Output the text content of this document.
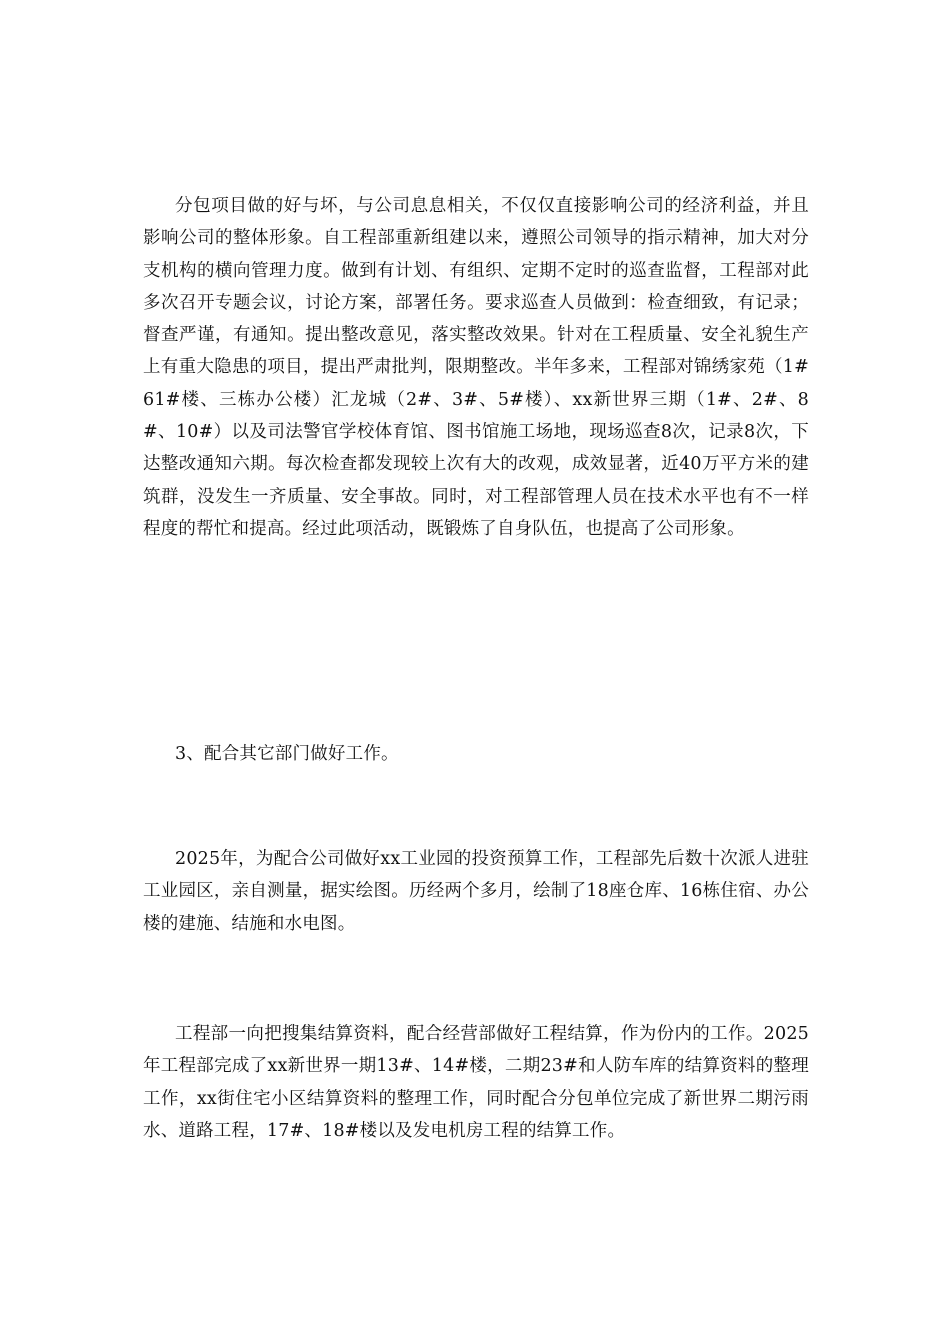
分包项目做的好与坏，与公司息息相关，不仅仅直接影响公司的经济利益，并且影响公司的整体形象。自工程部重新组建以来，遵照公司领导的指示精神，加大对分支机构的横向管理力度。做到有计划、有组织、定期不定时的巡查监督，工程部对此多次召开专题会议，讨论方案，部署任务。要求巡查人员做到：检查细致，有记录；督查严谨，有通知。提出整改意见，落实整改效果。针对在工程质量、安全礼貌生产上有重大隐患的项目，提出严肃批判，限期整改。半年多来，工程部对锦绣家苑（1# 61#楼、三栋办公楼）汇龙城（2#、3#、5#楼）、xx新世界三期（1#、2#、8#、10#）以及司法警官学校体育馆、图书馆施工场地，现场巡查8次，记录8次，下达整改通知六期。每次检查都发现较上次有大的改观，成效显著，近40万平方米的建筑群，没发生一齐质量、安全事故。同时，对工程部管理人员在技术水平也有不一样程度的帮忙和提高。经过此项活动，既锻炼了自身队伍，也提高了公司形象。

3、配合其它部门做好工作。

2025年，为配合公司做好xx工业园的投资预算工作，工程部先后数十次派人进驻工业园区，亲自测量，据实绘图。历经两个多月，绘制了18座仓库、16栋住宿、办公楼的建施、结施和水电图。

工程部一向把搜集结算资料，配合经营部做好工程结算，作为份内的工作。2025年工程部完成了xx新世界一期13#、14#楼，二期23#和人防车库的结算资料的整理工作，xx街住宅小区结算资料的整理工作，同时配合分包单位完成了新世界二期污雨水、道路工程，17#、18#楼以及发电机房工程的结算工作。
